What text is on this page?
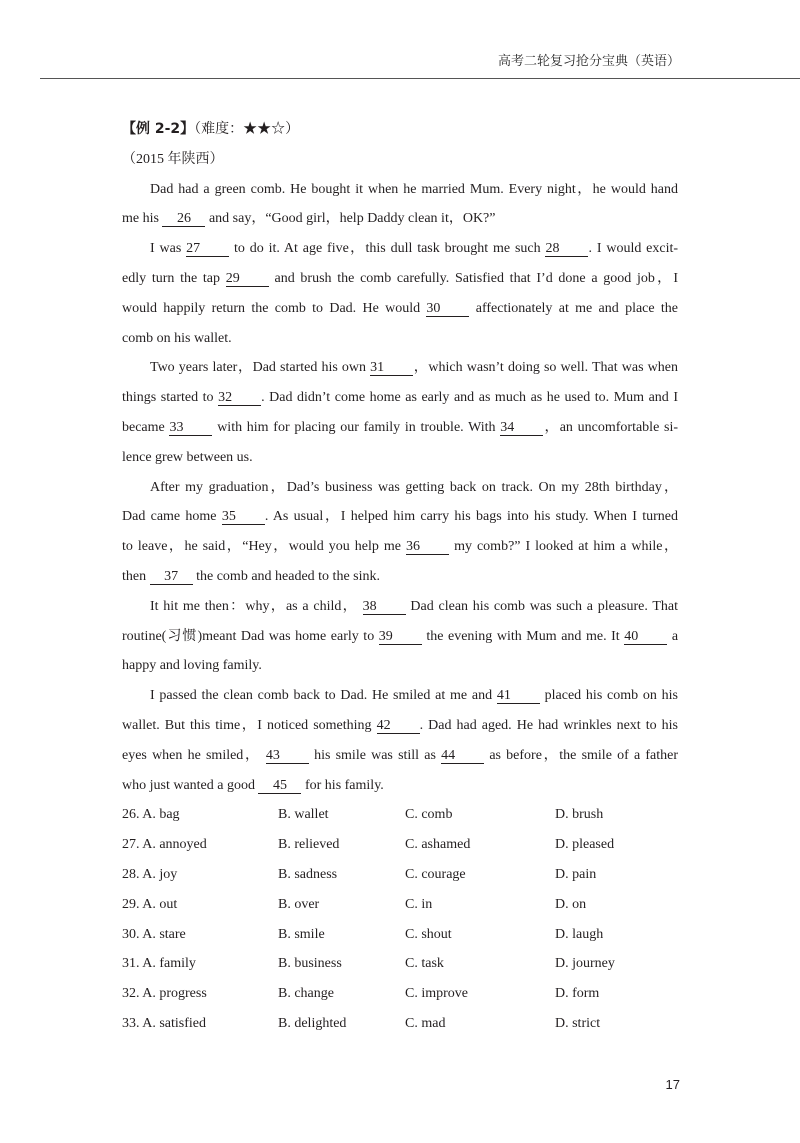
高考二轮复习抢分宝典（英语）
【例 2-2】（难度：★★☆）
（2015 年陕西）
Dad had a green comb. He bought it when he married Mum. Every night，he would hand
me his 26 and say，“Good girl，help Daddy clean it，OK?”
I was 27 to do it. At age five，this dull task brought me such 28 . I would excit-
edly turn the tap 29 and brush the comb carefully. Satisfied that I’d done a good job，I
would happily return the comb to Dad. He would 30	affectionately at me and place the
comb on his wallet.
Two years later，Dad started his own 31 ，which wasn’t doing so well. That was when
things started to 32 . Dad didn’t come home as early and as much as he used to. Mum and I
became 33 with him for placing our family in trouble. With 34 ，an uncomfortable si-
lence grew between us.
After my graduation，Dad’s business was getting back on track. On my 28th birthday，
Dad came home 35 . As usual，I helped him carry his bags into his study. When I turned
to leave，he said，“Hey，would you help me 36 my comb?” I looked at him a while，
then 37 the comb and headed to the sink.
It hit me then：why，as a child， 38 Dad clean his comb was such a pleasure. That
routine(习惯)meant Dad was home early to 39 the evening with Mum and me. It 40 a
happy and loving family.
I passed the clean comb back to Dad. He smiled at me and 41 placed his comb on his
wallet. But this time，I noticed something 42 . Dad had aged. He had wrinkles next to his
eyes when he smiled， 43 his smile was still as 44 as before，the smile of a father
who just wanted a good 45 for his family.
26. A. bag	B. wallet	C. comb	D. brush
27. A. annoyed	B. relieved	C. ashamed	D. pleased
28. A. joy	B. sadness	C. courage	D. pain
29. A. out	B. over	C. in	D. on
30. A. stare	B. smile	C. shout	D. laugh
31. A. family	B. business	C. task	D. journey
32. A. progress	B. change	C. improve	D. form
33. A. satisfied	B. delighted	C. mad	D. strict
17
